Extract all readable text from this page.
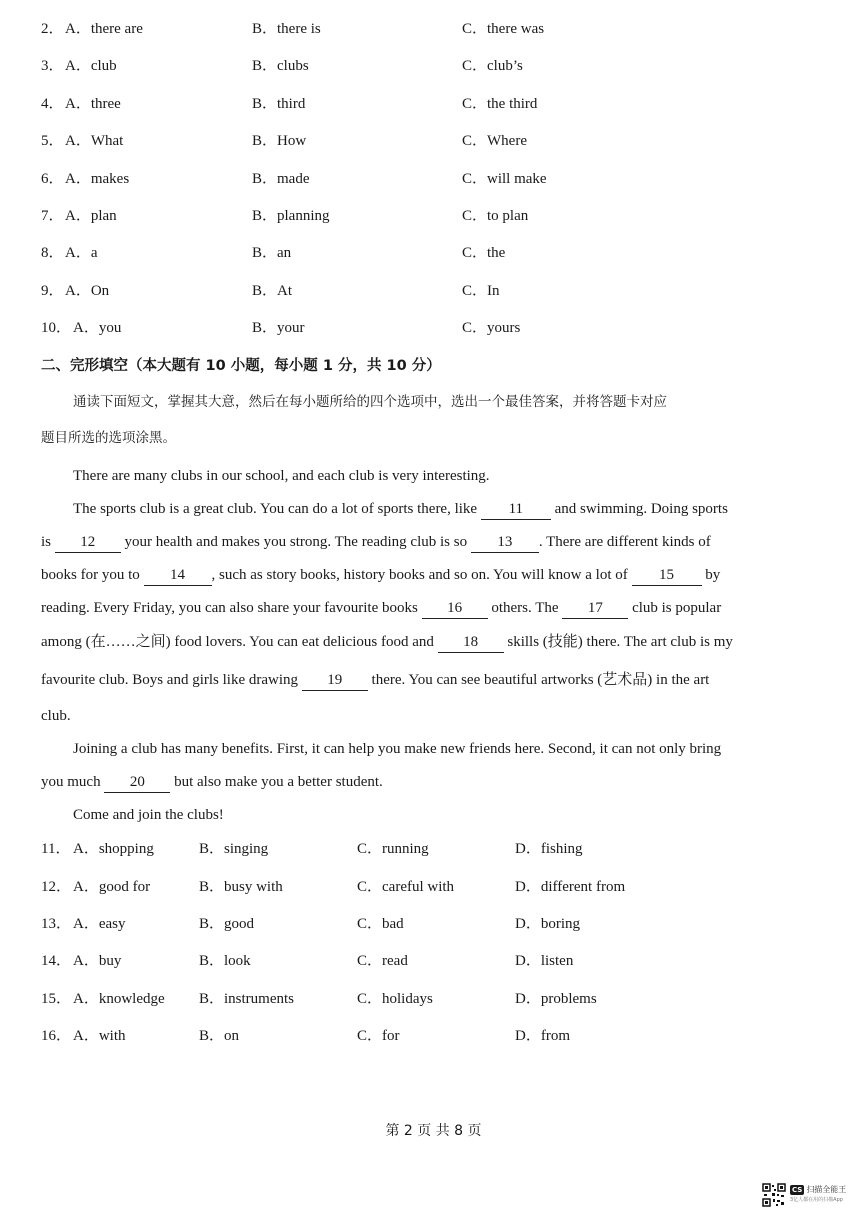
2． A．there are	B．there is	C．there was
3． A．club	B．clubs	C．club’s
4． A．three	B．third	C．the third
5． A．What	B．How	C．Where
6． A．makes	B．made	C．will make
7． A．plan	B．planning	C．to plan
8． A．a	B．an	C．the
9． A．On	B．At	C．In
10． A．you	B．your	C．yours
二、完形填空（本大题有 10 小题，每小题 1 分，共 10 分）
通读下面短文，掌握其大意，然后在每小题所给的四个选项中，选出一个最佳答案，并将答题卡对应
题目所选的选项涂黑。
There are many clubs in our school, and each club is very interesting.
The sports club is a great club. You can do a lot of sports there, like 11 and swimming. Doing sports
is 12 your health and makes you strong. The reading club is so 13 . There are different kinds of
books for you to 14 , such as story books, history books and so on. You will know a lot of 15 by
reading. Every Friday, you can also share your favourite books 16 others. The 17 club is popular
among (在……之间) food lovers. You can eat delicious food and 18 skills (技能) there. The art club is my
favourite club. Boys and girls like drawing 19 there. You can see beautiful artworks (艺术品) in the art
club.
Joining a club has many benefits. First, it can help you make new friends here. Second, it can not only bring
you much 20 but also make you a better student.
Come and join the clubs!
11． A．shopping	B．singing	C．running	D．fishing
12． A．good for	B．busy with	C．careful with	D．different from
13． A．easy	B．good	C．bad	D．boring
14． A．buy	B．look	C．read	D．listen
15． A．knowledge B．instruments	C．holidays	D．problems
16． A．with	B．on	C．for	D．from
第 2 页 共 8 页
CS 扫描全能王
3亿人都在用的扫描App
